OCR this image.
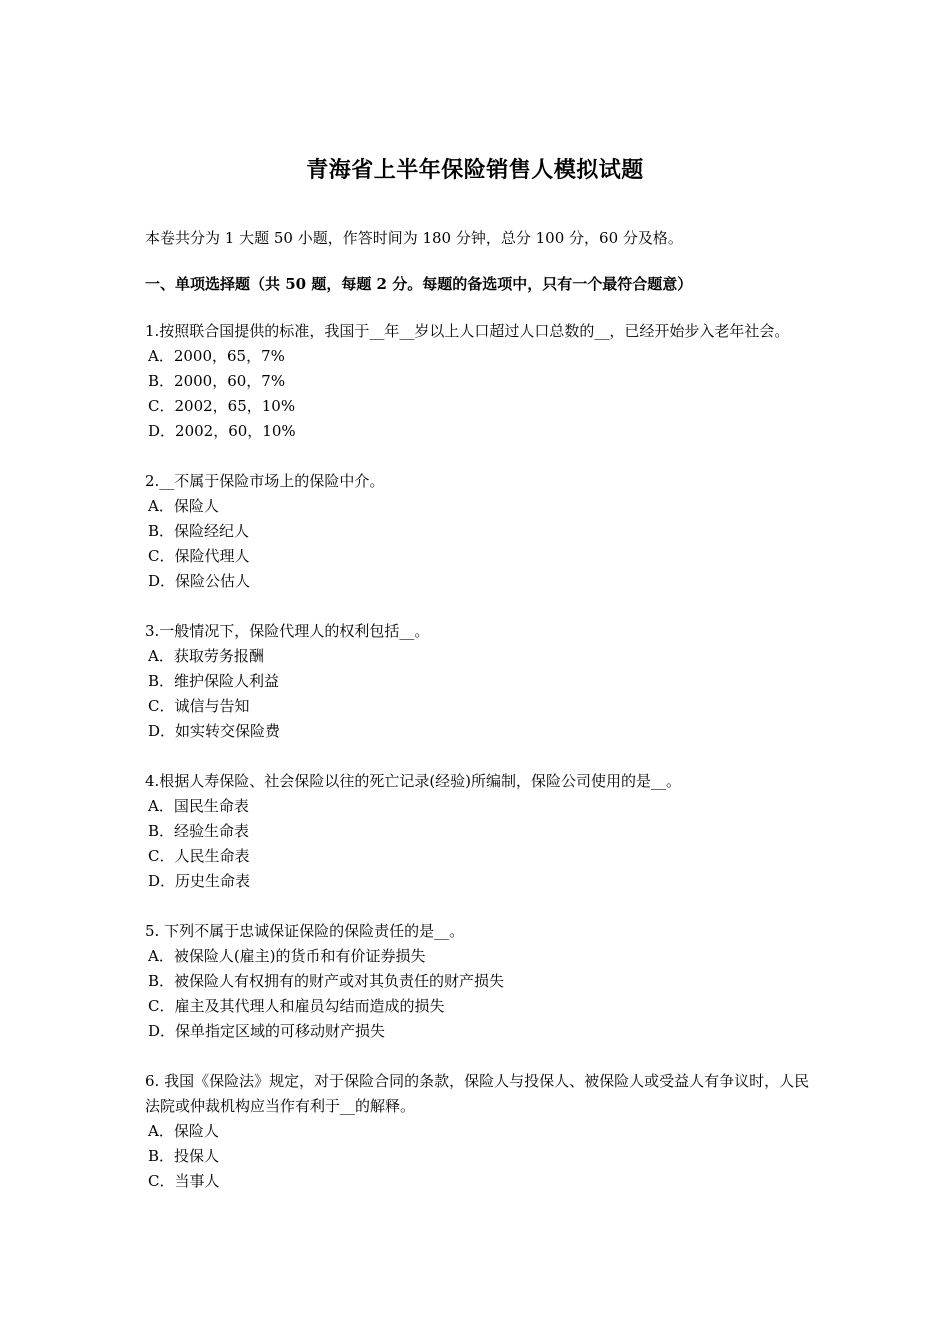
青海省上半年保险销售人模拟试题

本卷共分为 1 大题 50 小题，作答时间为 180 分钟，总分 100 分，60 分及格。

一、单项选择题（共 50 题，每题 2 分。每题的备选项中，只有一个最符合题意）

1.按照联合国提供的标准，我国于__年__岁以上人口超过人口总数的__，已经开始步入老年社会。

A．2000，65，7%

B．2000，60，7%

C．2002，65，10%

D．2002，60，10%

2.__不属于保险市场上的保险中介。

A．保险人

B．保险经纪人

C．保险代理人

D．保险公估人

3.一般情况下，保险代理人的权利包括__。

A．获取劳务报酬

B．维护保险人利益

C．诚信与告知

D．如实转交保险费

4.根据人寿保险、社会保险以往的死亡记录(经验)所编制，保险公司使用的是__。

A．国民生命表

B．经验生命表

C．人民生命表

D．历史生命表

5. 下列不属于忠诚保证保险的保险责任的是__。

A．被保险人(雇主)的货币和有价证券损失

B．被保险人有权拥有的财产或对其负责任的财产损失

C．雇主及其代理人和雇员勾结而造成的损失

D．保单指定区域的可移动财产损失

6. 我国《保险法》规定，对于保险合同的条款，保险人与投保人、被保险人或受益人有争议时，人民法院或仲裁机构应当作有利于__的解释。

A．保险人

B．投保人

C．当事人
